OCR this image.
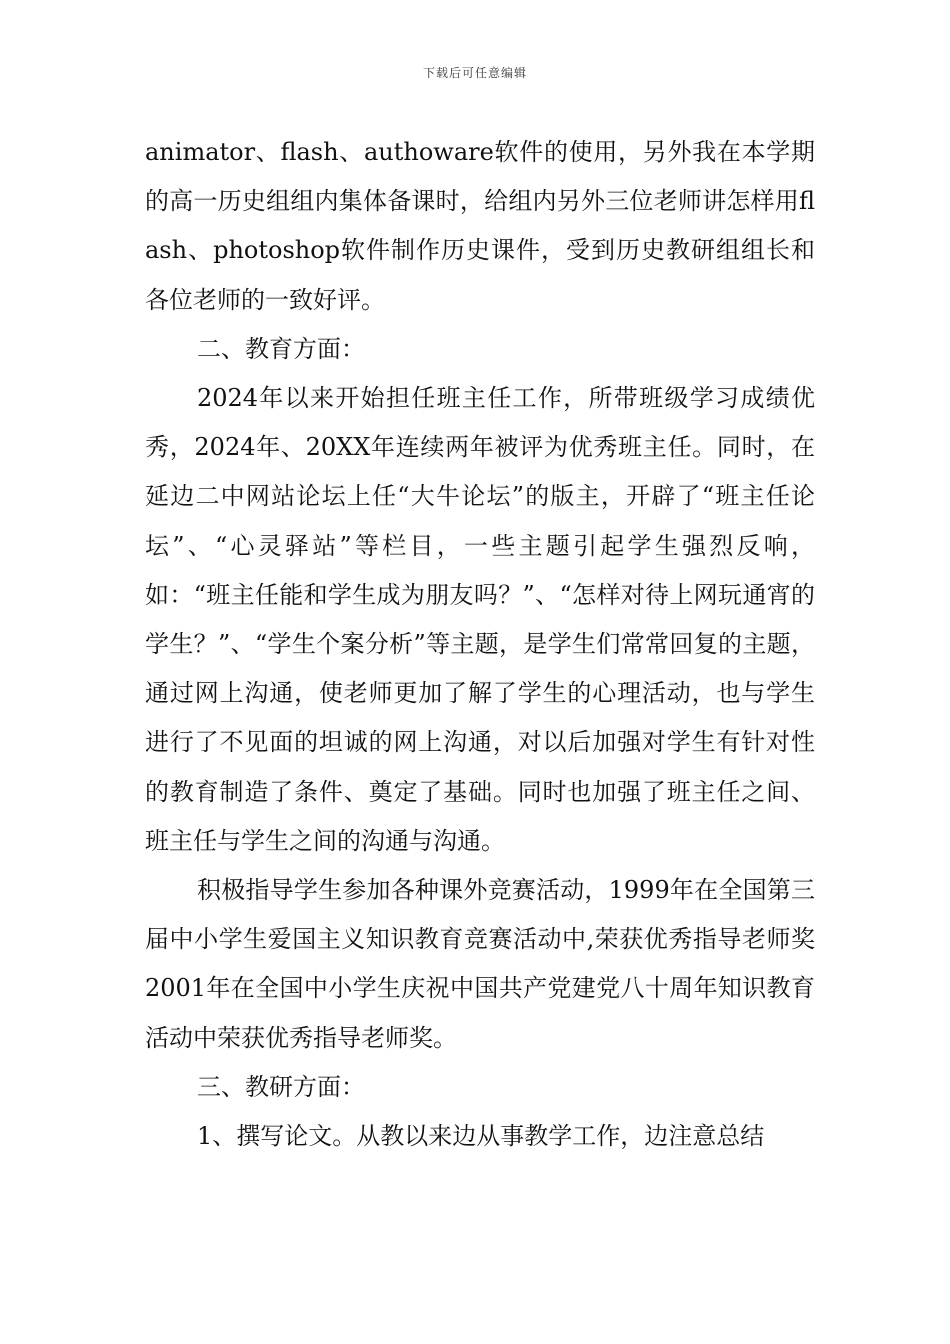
下载后可任意编辑

animator、flash、authoware软件的使用，另外我在本学期的高一历史组组内集体备课时，给组内另外三位老师讲怎样用flash、photoshop软件制作历史课件，受到历史教研组组长和各位老师的一致好评。

二、教育方面：

2024年以来开始担任班主任工作，所带班级学习成绩优秀，2024年、20XX年连续两年被评为优秀班主任。同时，在延边二中网站论坛上任“大牛论坛”的版主，开辟了“班主任论坛”、“心灵驿站”等栏目，一些主题引起学生强烈反响，如：“班主任能和学生成为朋友吗？”、“怎样对待上网玩通宵的学生？”、“学生个案分析”等主题，是学生们常常回复的主题，通过网上沟通，使老师更加了解了学生的心理活动，也与学生进行了不见面的坦诚的网上沟通，对以后加强对学生有针对性的教育制造了条件、奠定了基础。同时也加强了班主任之间、班主任与学生之间的沟通与沟通。

积极指导学生参加各种课外竞赛活动，1999年在全国第三届中小学生爱国主义知识教育竞赛活动中,荣获优秀指导老师奖2001年在全国中小学生庆祝中国共产党建党八十周年知识教育活动中荣获优秀指导老师奖。

三、教研方面：

1、撰写论文。从教以来边从事教学工作，边注意总结
